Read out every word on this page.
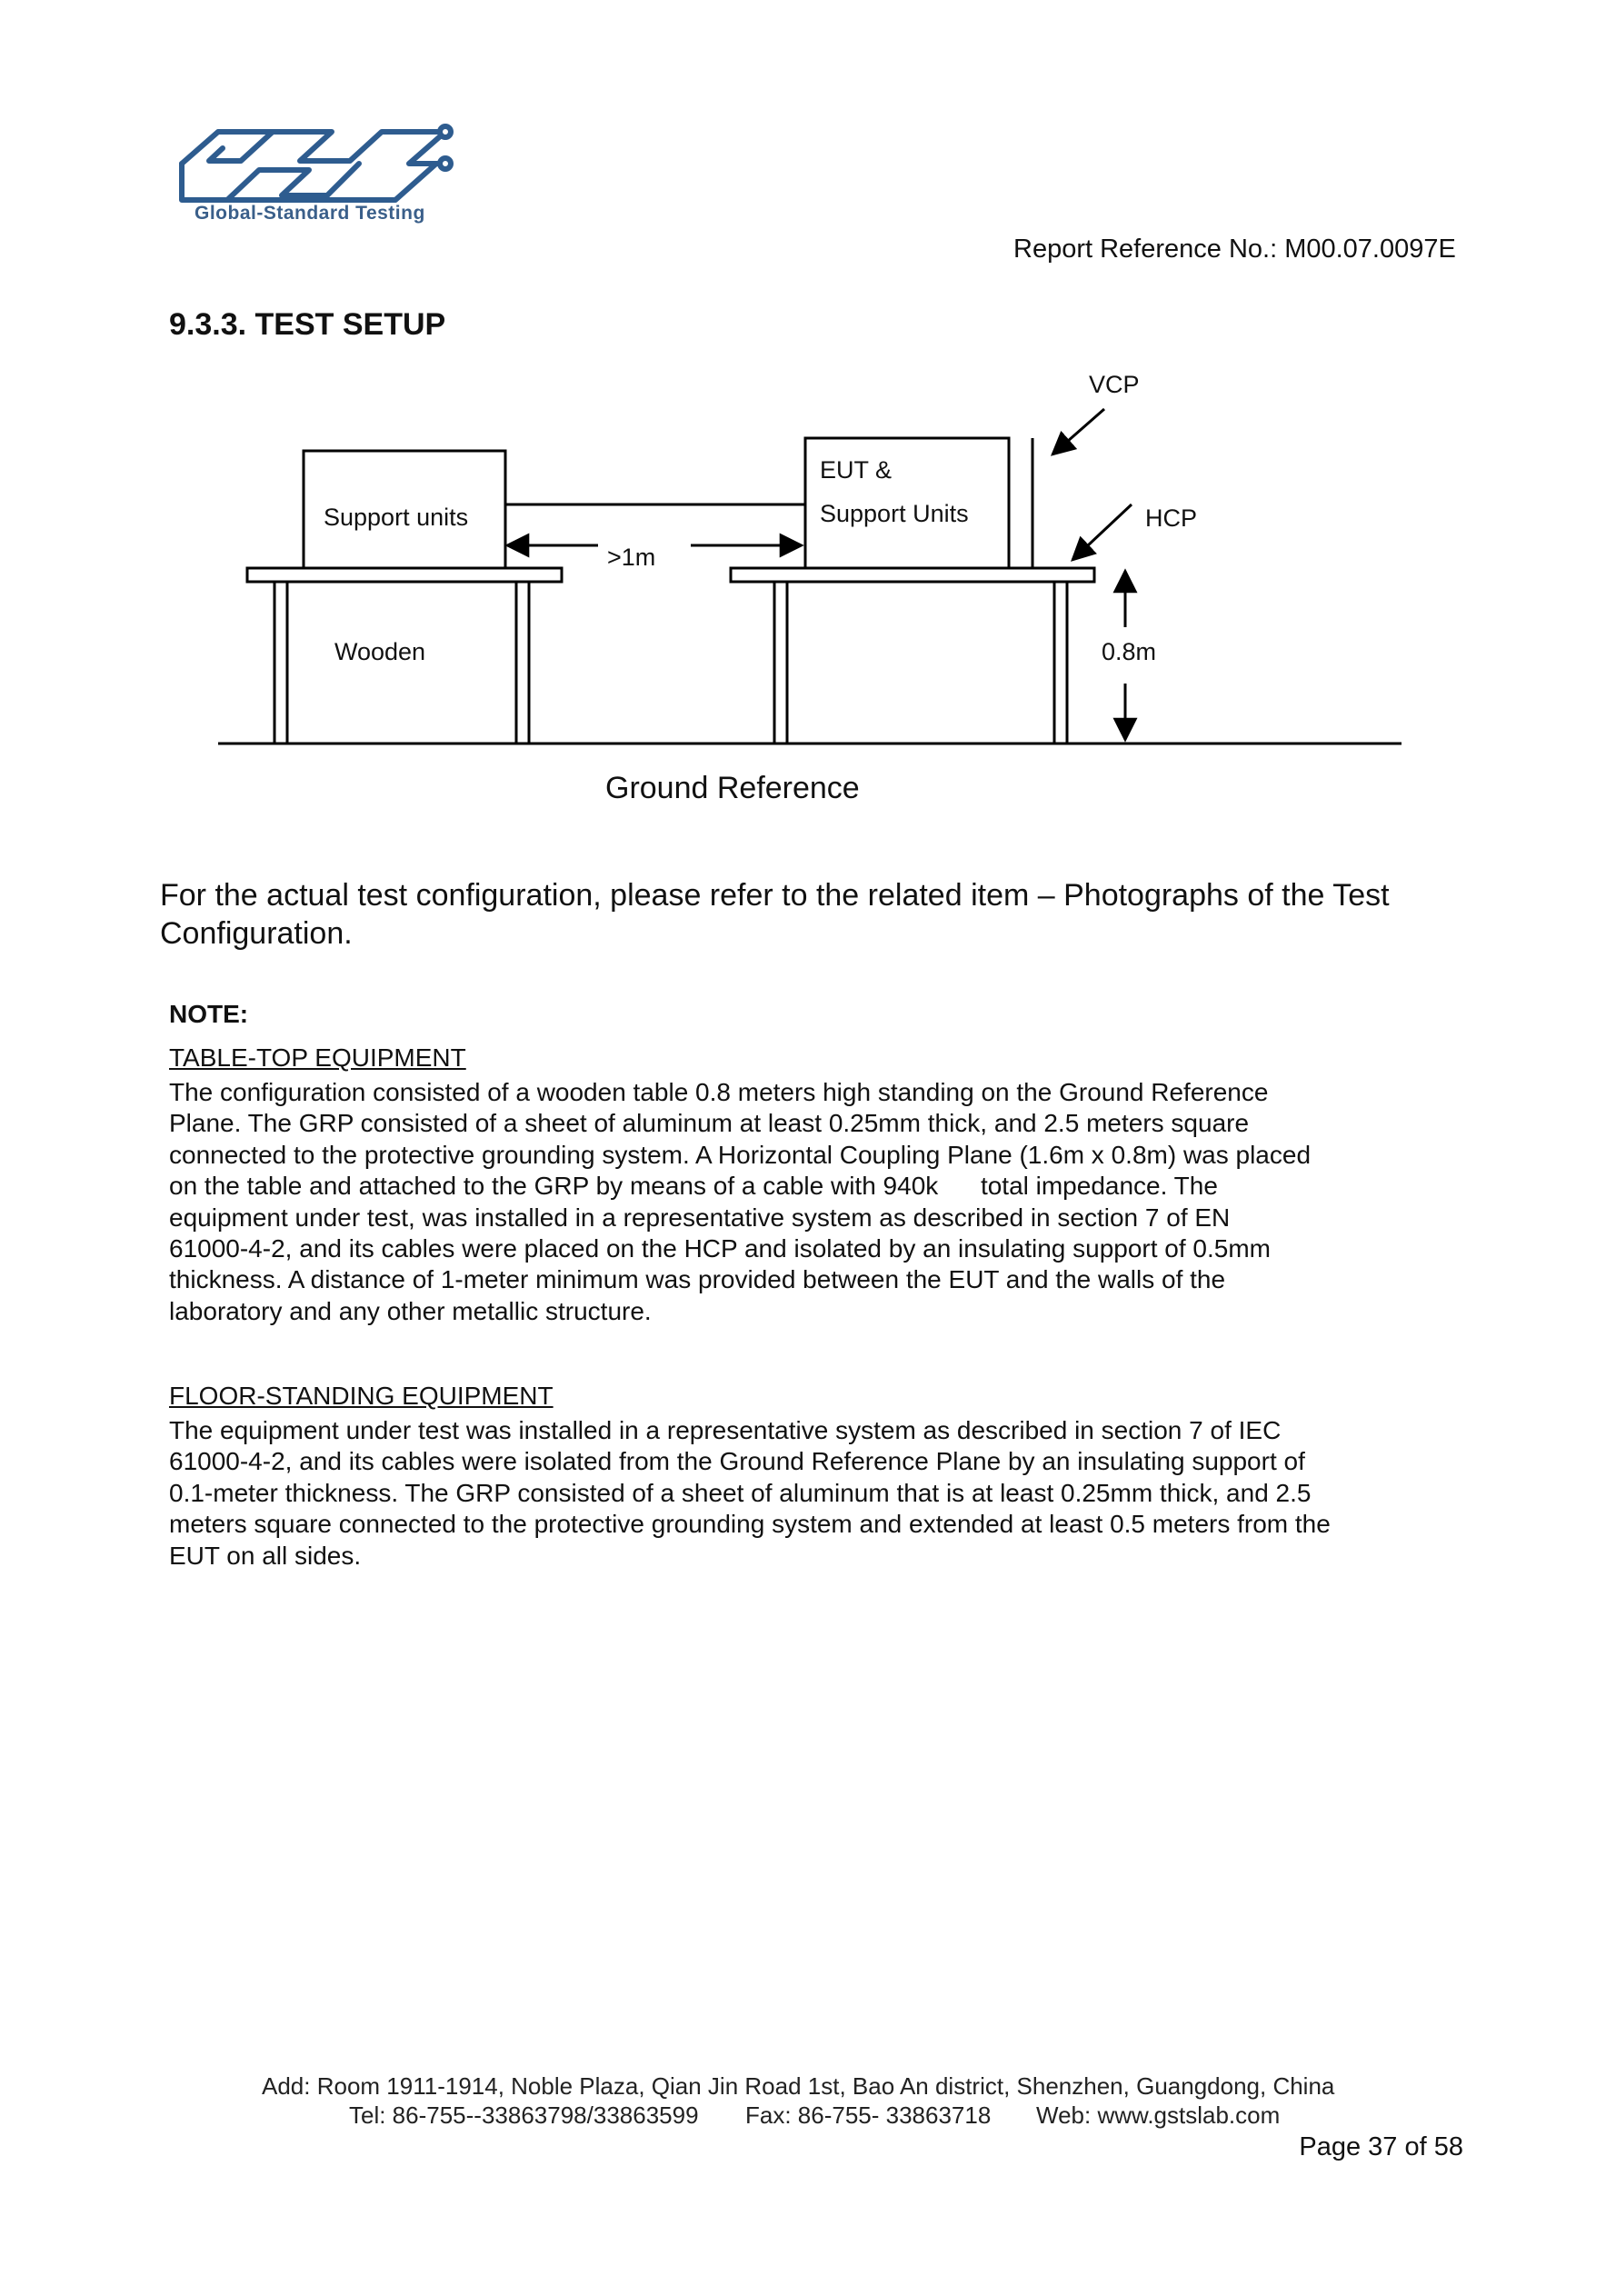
Global-Standard Testing
Report Reference No.: M00.07.0097E
9.3.3. TEST SETUP
VCP
HCP
Support units
EUT &
Support Units
>1m
Wooden	0.8m
Ground Reference
For the actual test configuration, please refer to the related item – Photographs of the Test Configuration.
NOTE:
TABLE-TOP EQUIPMENT

The configuration consisted of a wooden table 0.8 meters high standing on the Ground Reference

Plane. The GRP consisted of a sheet of aluminum at least 0.25mm thick, and 2.5 meters square

connected to the protective grounding system. A Horizontal Coupling Plane (1.6m x 0.8m) was placed

on the table and attached to the GRP by means of a cable with 940k      total impedance. The

equipment under test, was installed in a representative system as described in section 7 of EN

61000-4-2, and its cables were placed on the HCP and isolated by an insulating support of 0.5mm

thickness. A distance of 1-meter minimum was provided between the EUT and the walls of the

laboratory and any other metallic structure.

FLOOR-STANDING EQUIPMENT

The equipment under test was installed in a representative system as described in section 7 of IEC

61000-4-2, and its cables were isolated from the Ground Reference Plane by an insulating support of

0.1-meter thickness. The GRP consisted of a sheet of aluminum that is at least 0.25mm thick, and 2.5

meters square connected to the protective grounding system and extended at least 0.5 meters from the

EUT on all sides.

Add: Room 1911-1914, Noble Plaza, Qian Jin Road 1st, Bao An district, Shenzhen, Guangdong, China
Tel: 86-755--33863798/33863599 Fax: 86-755- 33863718 Web: www.gstslab.com
Page 37 of 58
